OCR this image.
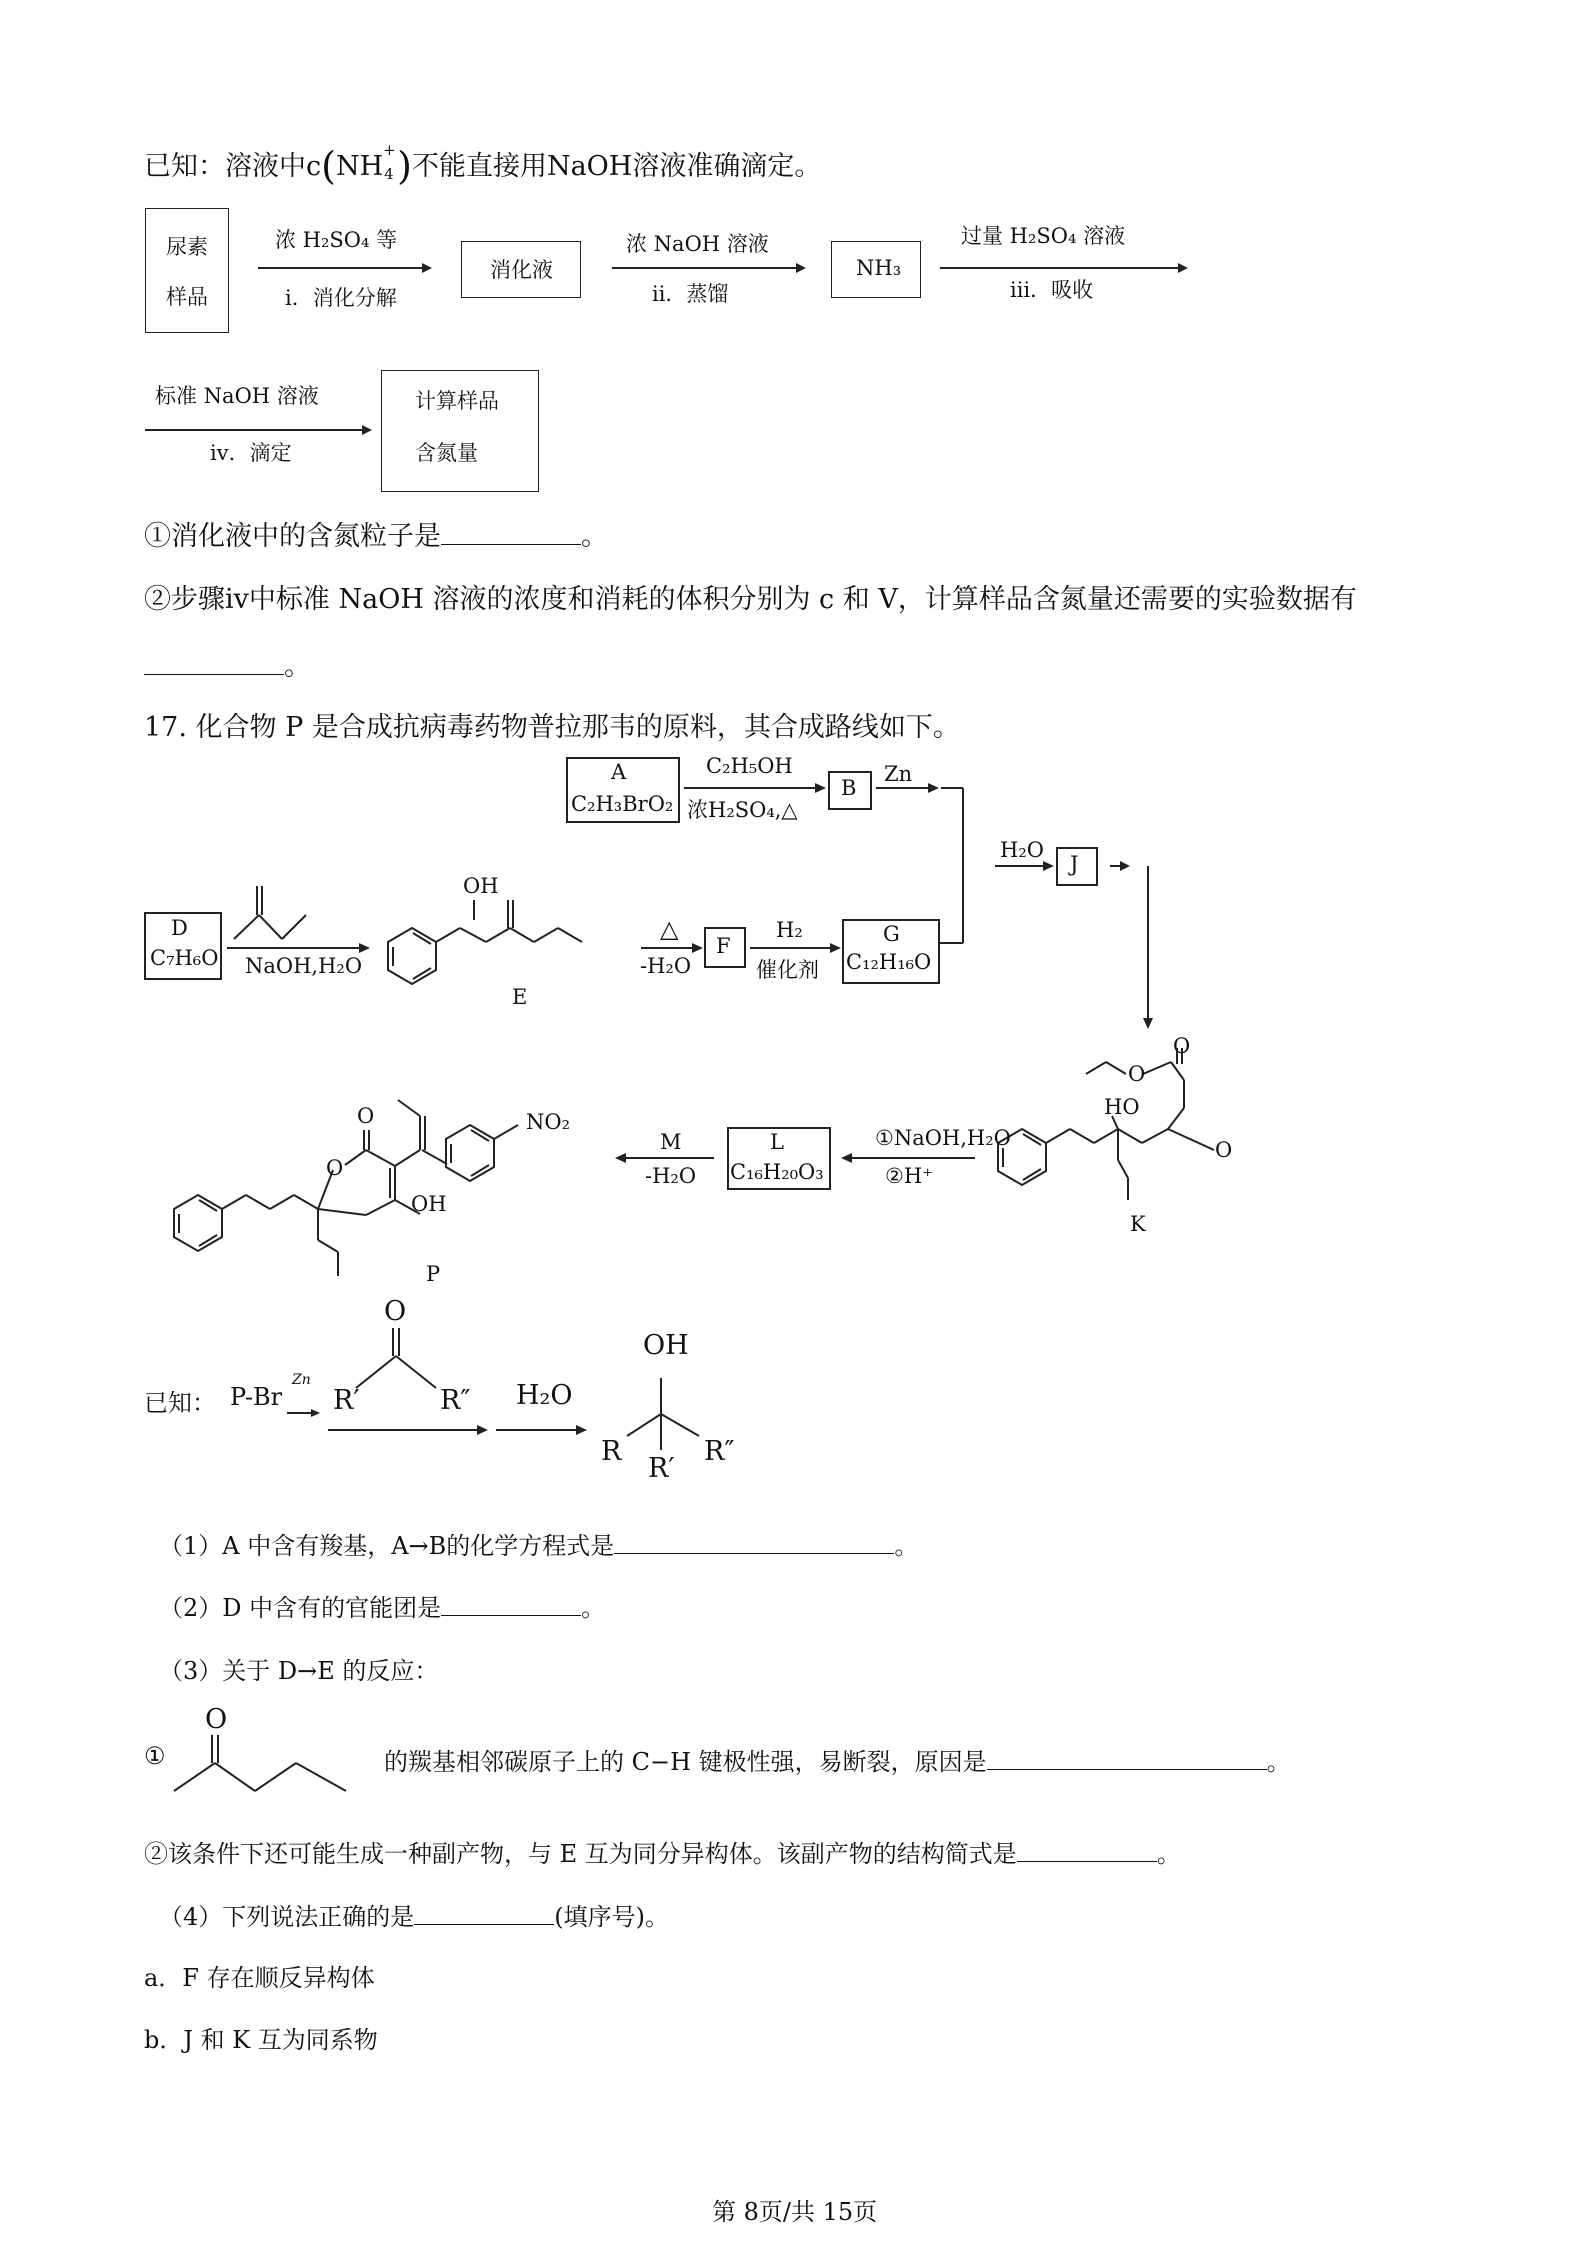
已知：溶液中c(NH
+
4 )不能直接用NaOH溶液准确滴定。
尿素
样品
浓 H₂SO₄ 等
ⅰ．消化分解
消化液
浓 NaOH 溶液
ⅱ．蒸馏
NH₃
过量 H₂SO₄ 溶液
ⅲ．吸收
标准 NaOH 溶液
ⅳ．滴定
计算样品
含氮量
①消化液中的含氮粒子是	。
②步骤ⅳ中标准 NaOH 溶液的浓度和消耗的体积分别为 c 和 V，计算样品含氮量还需要的实验数据有
。
17. 化合物 P 是合成抗病毒药物普拉那韦的原料，其合成路线如下。
A
C₂H₃BrO₂
C₂H₅OH
浓H₂SO₄,△
B
Zn
H₂O
J
D
C₇H₆O NaOH,H₂O
OH
E
△
-H₂O
F
H₂
催化剂
G
C₁₂H₁₆O
O
O
HO
O
K
①NaOH,H₂O
②H⁺
L
C₁₆H₂₀O₃
M
-H₂O
O
O
OH
NO₂
P
已知： P-Br
Zn
O
R′	R″ H₂O
OH
R
R′
R″
（1）A 中含有羧基，A→B的化学方程式是	。
（2）D 中含有的官能团是	。
（3）关于 D→E 的反应：
①
O
的羰基相邻碳原子上的 C−H 键极性强，易断裂，原因是	。
②该条件下还可能生成一种副产物，与 E 互为同分异构体。该副产物的结构简式是	。
（4）下列说法正确的是	(填序号)。
a．F 存在顺反异构体
b．J 和 K 互为同系物
第 8页/共 15页
